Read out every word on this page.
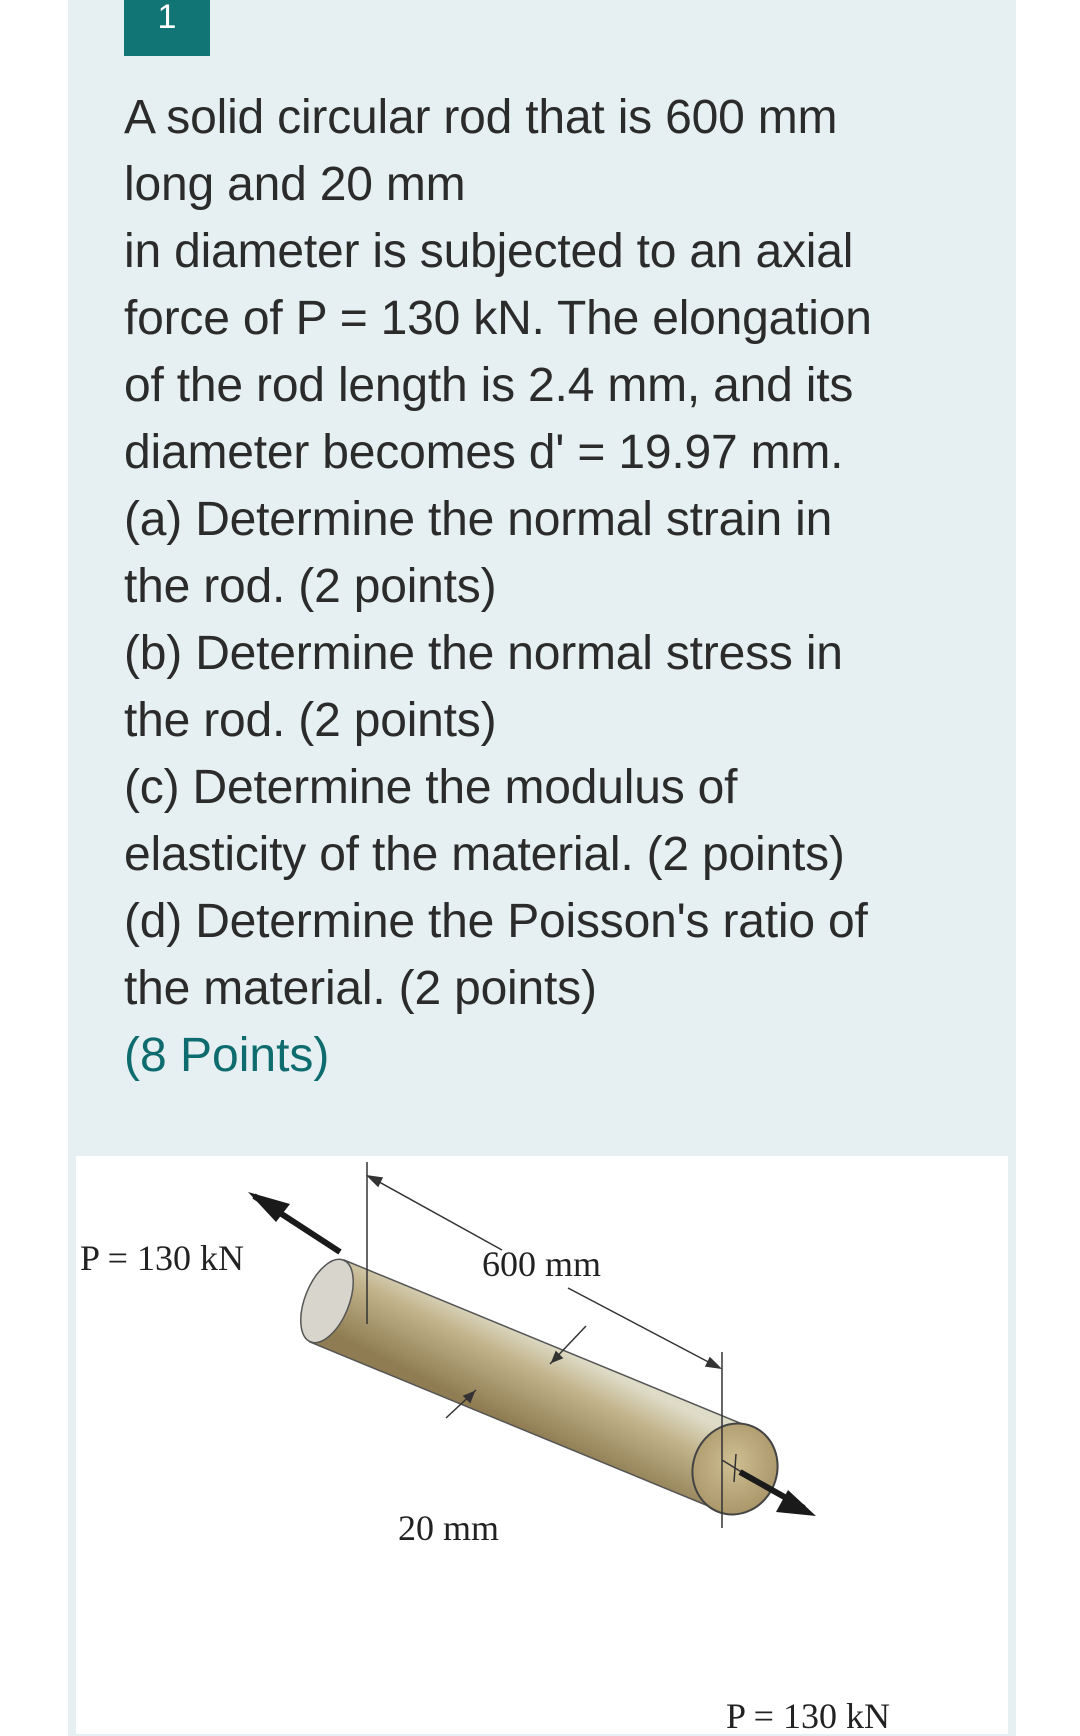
1
A solid circular rod that is 600 mm
long and 20 mm
in diameter is subjected to an axial
force of P = 130 kN. The elongation
of the rod length is 2.4 mm, and its
diameter becomes d' = 19.97 mm.
(a) Determine the normal strain in
the rod. (2 points)
(b) Determine the normal stress in
the rod. (2 points)
(c) Determine the modulus of
elasticity of the material. (2 points)
(d) Determine the Poisson's ratio of
the material. (2 points)
(8 Points)
P = 130 kN	600 mm
20 mm
P = 130 kN
